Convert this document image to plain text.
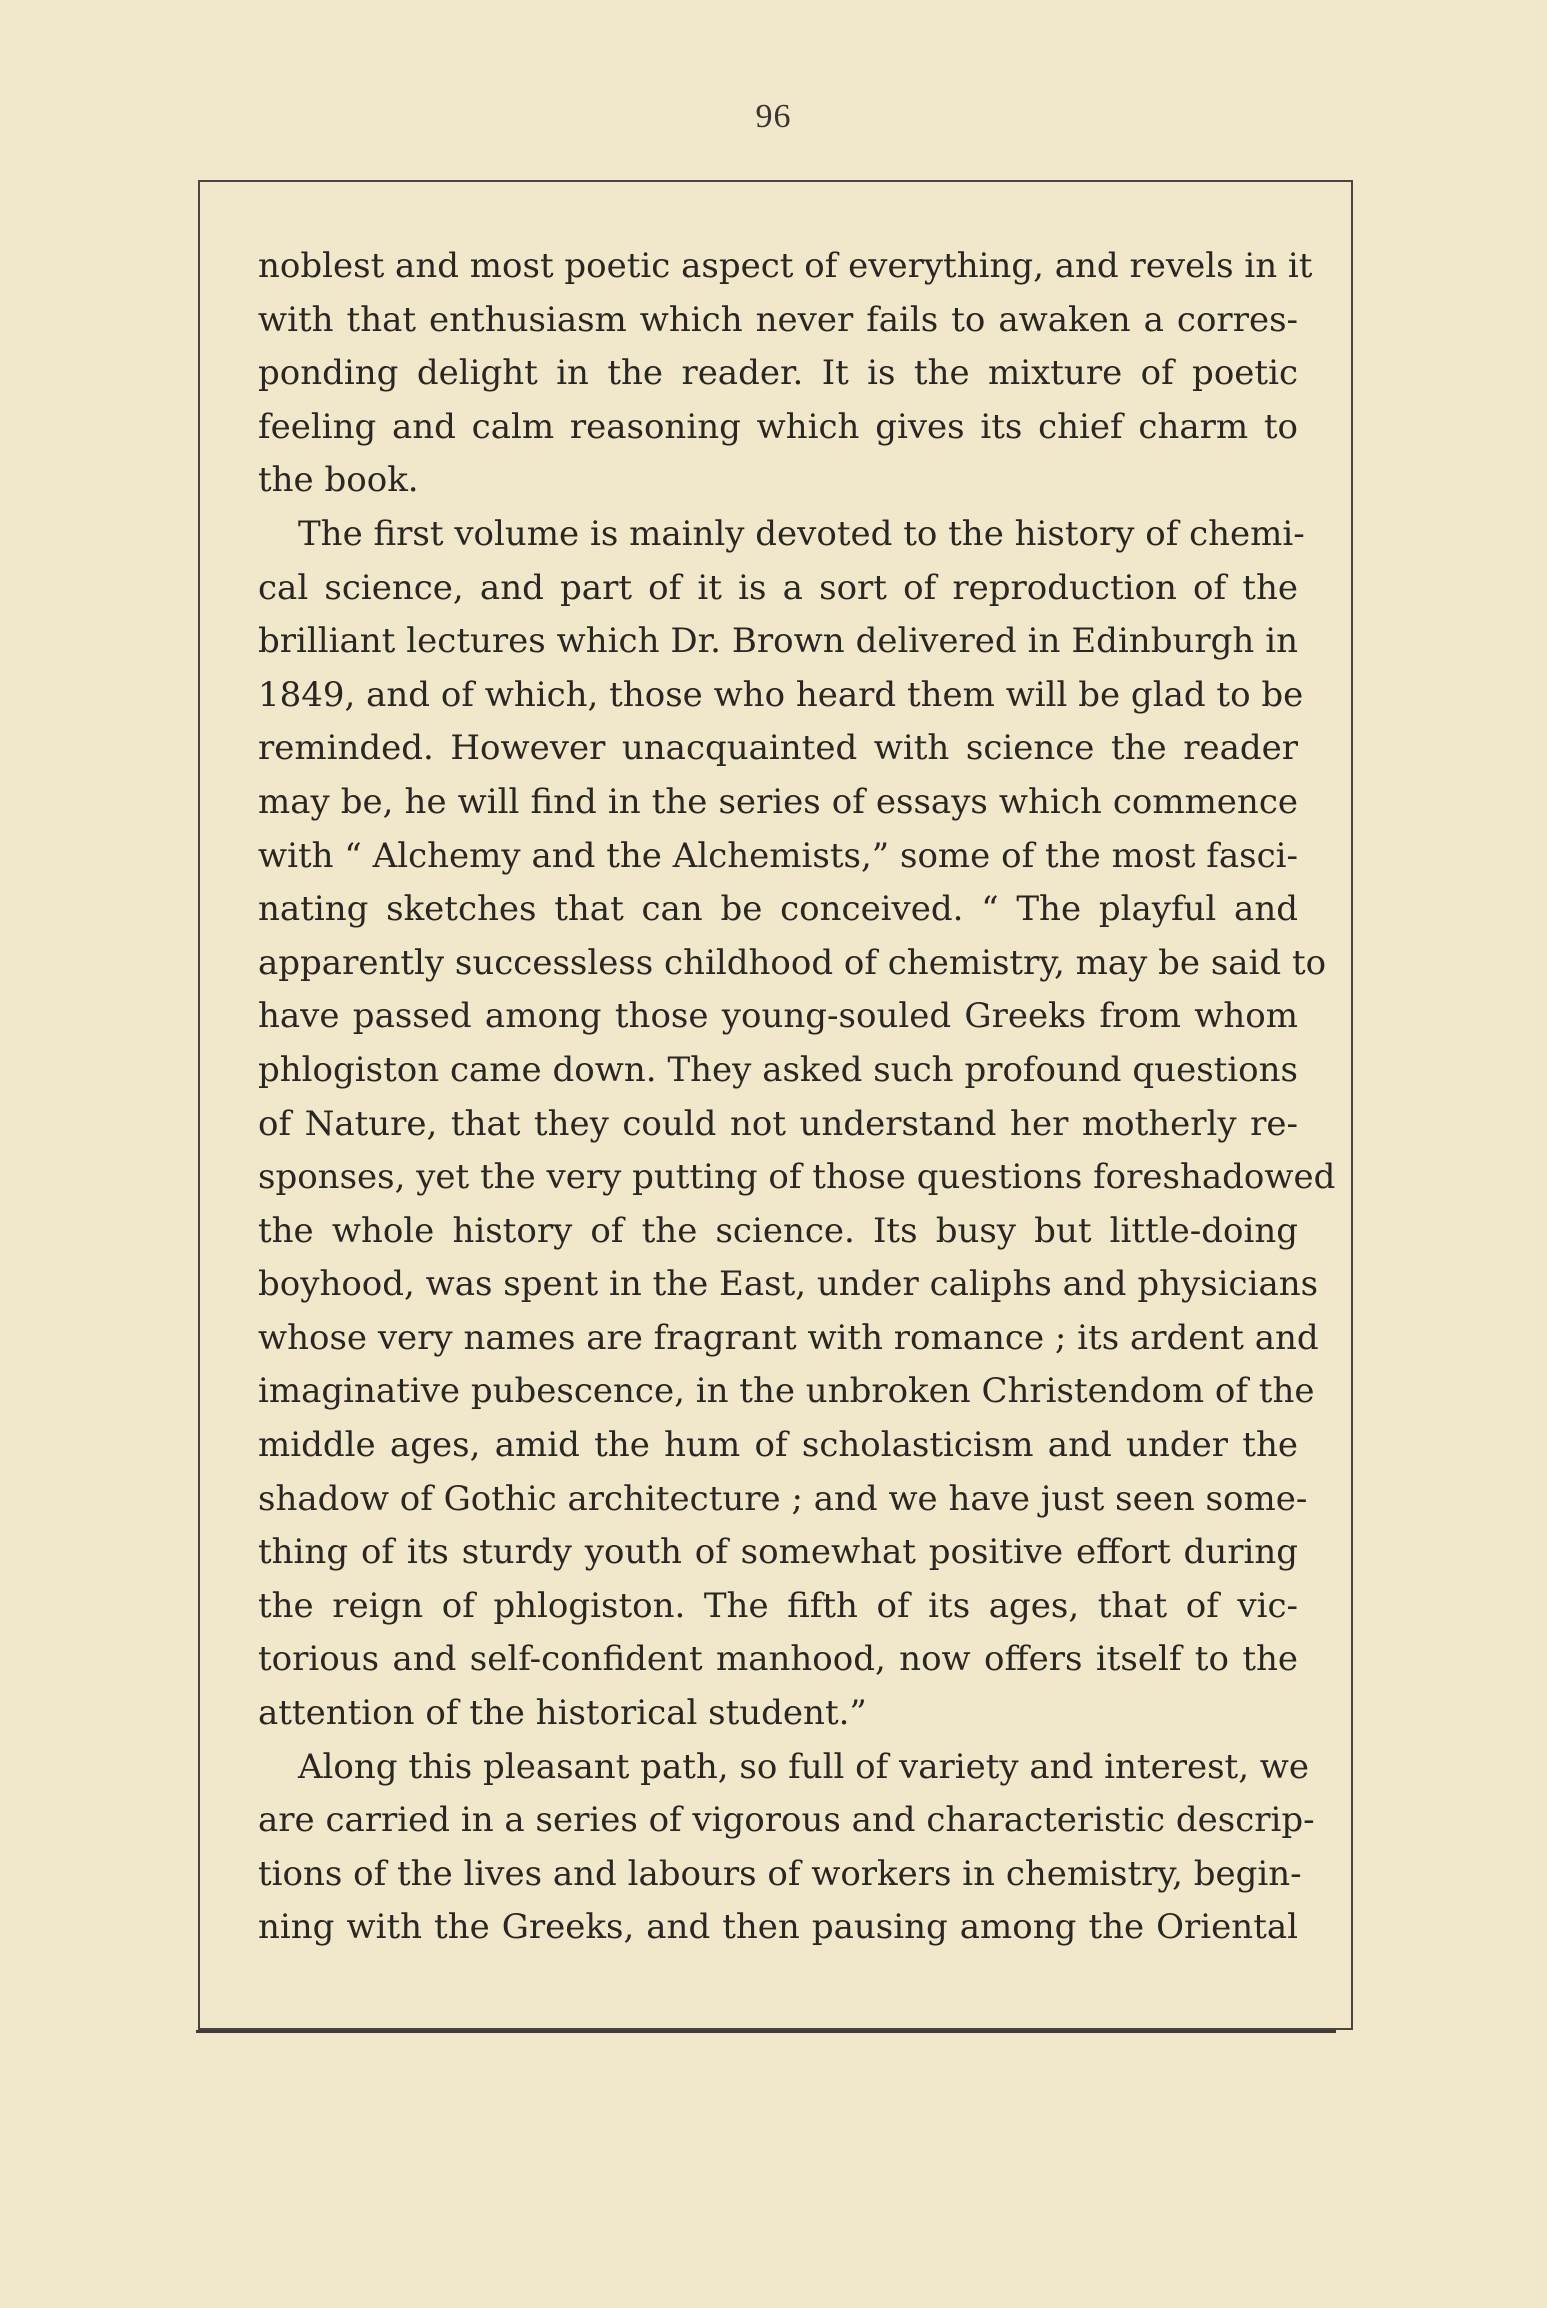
96
noblest and most poetic aspect of everything, and revels in it
with that enthusiasm which never fails to awaken a corres-
ponding delight in the reader. It is the mixture of poetic
feeling and calm reasoning which gives its chief charm to
the book.
The first volume is mainly devoted to the history of chemi-
cal science, and part of it is a sort of reproduction of the
brilliant lectures which Dr. Brown delivered in Edinburgh in
1849, and of which, those who heard them will be glad to be
reminded. However unacquainted with science the reader
may be, he will find in the series of essays which commence
with “ Alchemy and the Alchemists,” some of the most fasci-
nating sketches that can be conceived. “ The playful and
apparently successless childhood of chemistry, may be said to
have passed among those young-souled Greeks from whom
phlogiston came down. They asked such profound questions
of Nature, that they could not understand her motherly re-
sponses, yet the very putting of those questions foreshadowed
the whole history of the science. Its busy but little-doing
boyhood, was spent in the East, under caliphs and physicians
whose very names are fragrant with romance ; its ardent and
imaginative pubescence, in the unbroken Christendom of the
middle ages, amid the hum of scholasticism and under the
shadow of Gothic architecture ; and we have just seen some-
thing of its sturdy youth of somewhat positive effort during
the reign of phlogiston. The fifth of its ages, that of vic-
torious and self-confident manhood, now offers itself to the
attention of the historical student.”
Along this pleasant path, so full of variety and interest, we
are carried in a series of vigorous and characteristic descrip-
tions of the lives and labours of workers in chemistry, begin-
ning with the Greeks, and then pausing among the Oriental
